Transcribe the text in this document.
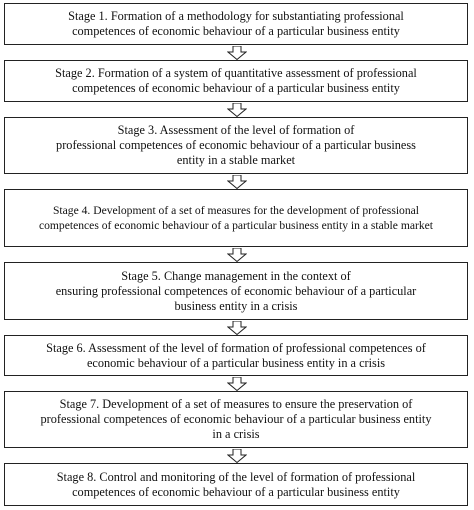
Stage 1. Formation of a methodology for substantiating professional
competences of economic behaviour of a particular business entity
Stage 2. Formation of a system of quantitative assessment of professional
competences of economic behaviour of a particular business entity
Stage 3. Assessment of the level of formation of
professional competences of economic behaviour of a particular business
entity in a stable market
Stage 4. Development of a set of measures for the development of professional
competences of economic behaviour of a particular business entity in a stable market
Stage 5. Change management in the context of
ensuring professional competences of economic behaviour of a particular
business entity in a crisis
Stage 6. Assessment of the level of formation of professional competences of
economic behaviour of a particular business entity in a crisis
Stage 7. Development of a set of measures to ensure the preservation of
professional competences of economic behaviour of a particular business entity
in a crisis
Stage 8. Control and monitoring of the level of formation of professional
competences of economic behaviour of a particular business entity
